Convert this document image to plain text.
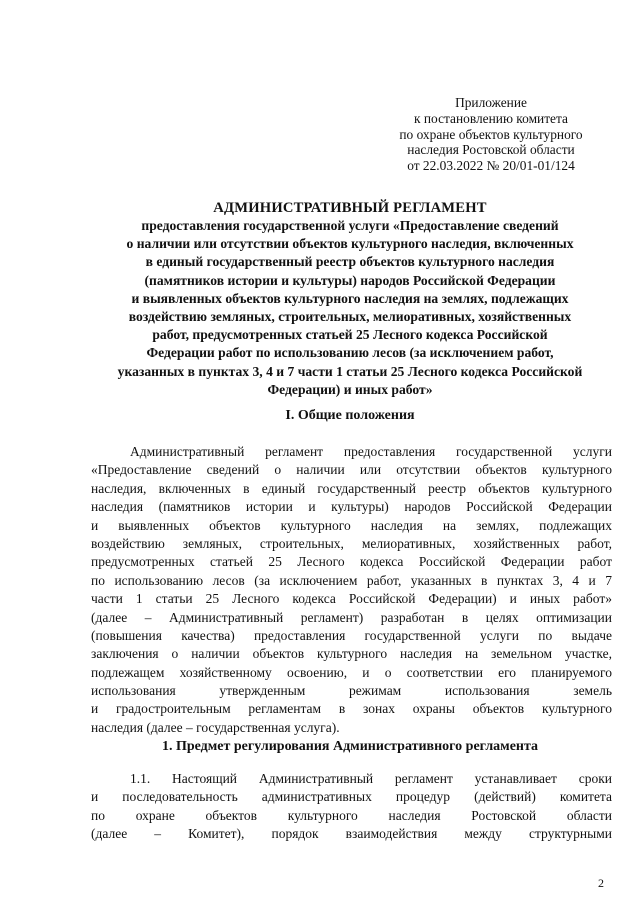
Приложение
к постановлению комитета
по охране объектов культурного
наследия Ростовской области
от 22.03.2022 № 20/01-01/124
АДМИНИСТРАТИВНЫЙ РЕГЛАМЕНТ
предоставления государственной услуги «Предоставление сведений
о наличии или отсутствии объектов культурного наследия, включенных
в единый государственный реестр объектов культурного наследия
(памятников истории и культуры) народов Российской Федерации
и выявленных объектов культурного наследия на землях, подлежащих
воздействию земляных, строительных, мелиоративных, хозяйственных
работ, предусмотренных статьей 25 Лесного кодекса Российской
Федерации работ по использованию лесов (за исключением работ,
указанных в пунктах 3, 4 и 7 части 1 статьи 25 Лесного кодекса Российской
Федерации) и иных работ»
I. Общие положения
Административный регламент предоставления государственной услуги
«Предоставление сведений о наличии или отсутствии объектов культурного
наследия, включенных в единый государственный реестр объектов культурного
наследия (памятников истории и культуры) народов Российской Федерации
и выявленных объектов культурного наследия на землях, подлежащих
воздействию земляных, строительных, мелиоративных, хозяйственных работ,
предусмотренных статьей 25 Лесного кодекса Российской Федерации работ
по использованию лесов (за исключением работ, указанных в пунктах 3, 4 и 7
части 1 статьи 25 Лесного кодекса Российской Федерации) и иных работ»
(далее – Административный регламент) разработан в целях оптимизации
(повышения качества) предоставления государственной услуги по выдаче
заключения о наличии объектов культурного наследия на земельном участке,
подлежащем хозяйственному освоению, и о соответствии его планируемого
использования утвержденным режимам использования земель
и градостроительным регламентам в зонах охраны объектов культурного
наследия (далее – государственная услуга).
1. Предмет регулирования Административного регламента
1.1. Настоящий Административный регламент устанавливает сроки
и последовательность административных процедур (действий) комитета
по охране объектов культурного наследия Ростовской области
(далее – Комитет), порядок взаимодействия между структурными
2
